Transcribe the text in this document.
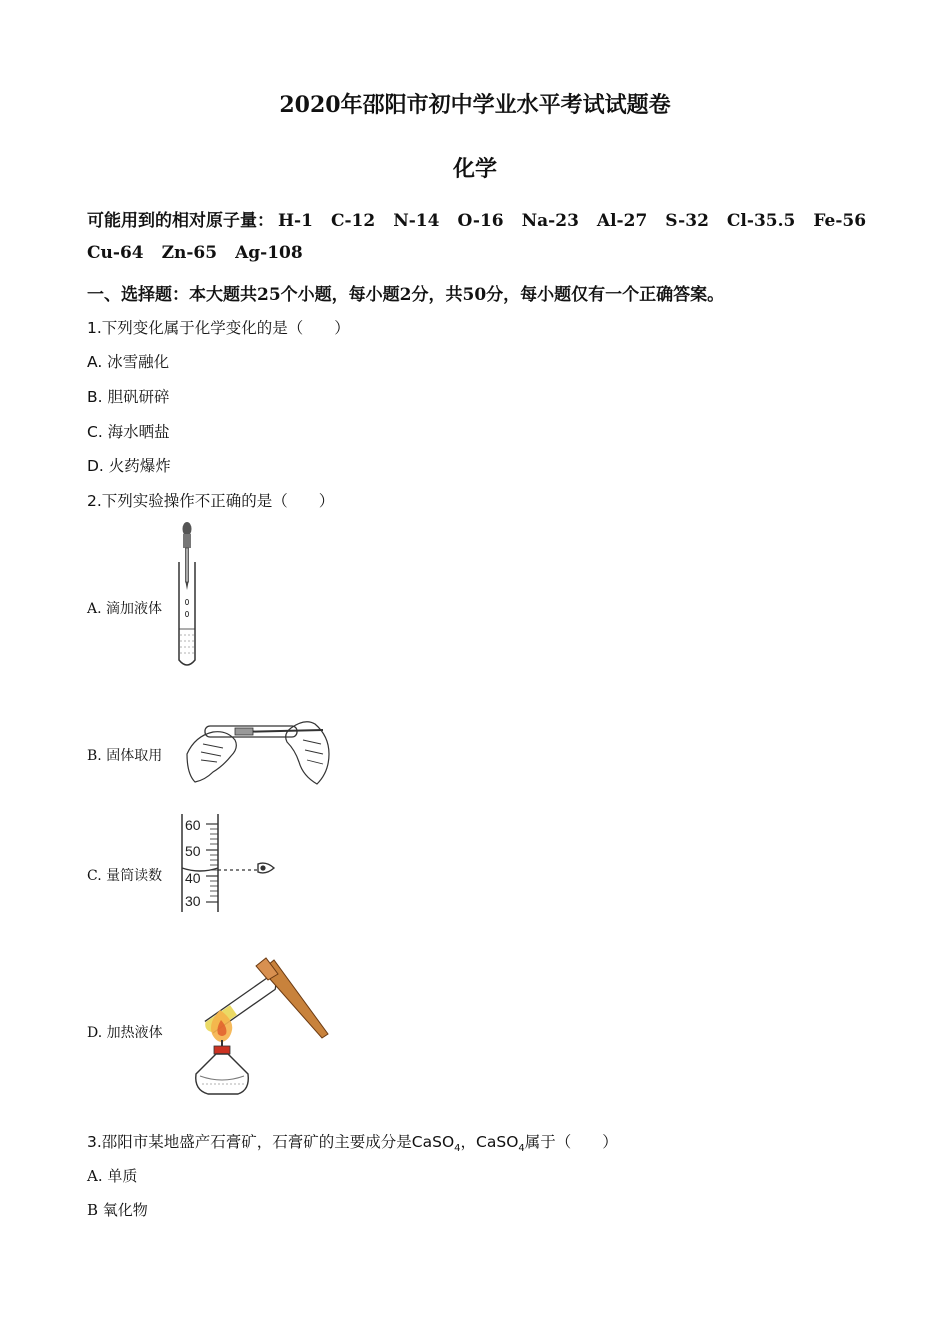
2020年邵阳市初中学业水平考试试题卷
化学
可能用到的相对原子量： H-1 C-12 N-14 O-16 Na-23 Al-27 S-32 Cl-35.5 Fe-56
Cu-64 Zn-65 Ag-108
一、选择题：本大题共25个小题，每小题2分，共50分，每小题仅有一个正确答案。
1.下列变化属于化学变化的是（　　）
A. 冰雪融化
B. 胆矾研碎
C. 海水晒盐
D. 火药爆炸
2.下列实验操作不正确的是（　　）
A. 滴加液体
B. 固体取用
C. 量筒读数
60
50
40
30
D. 加热液体
3.邵阳市某地盛产石膏矿，石膏矿的主要成分是CaSO$_4$，CaSO$_4$属于（　　）
A. 单质
B 氧化物
